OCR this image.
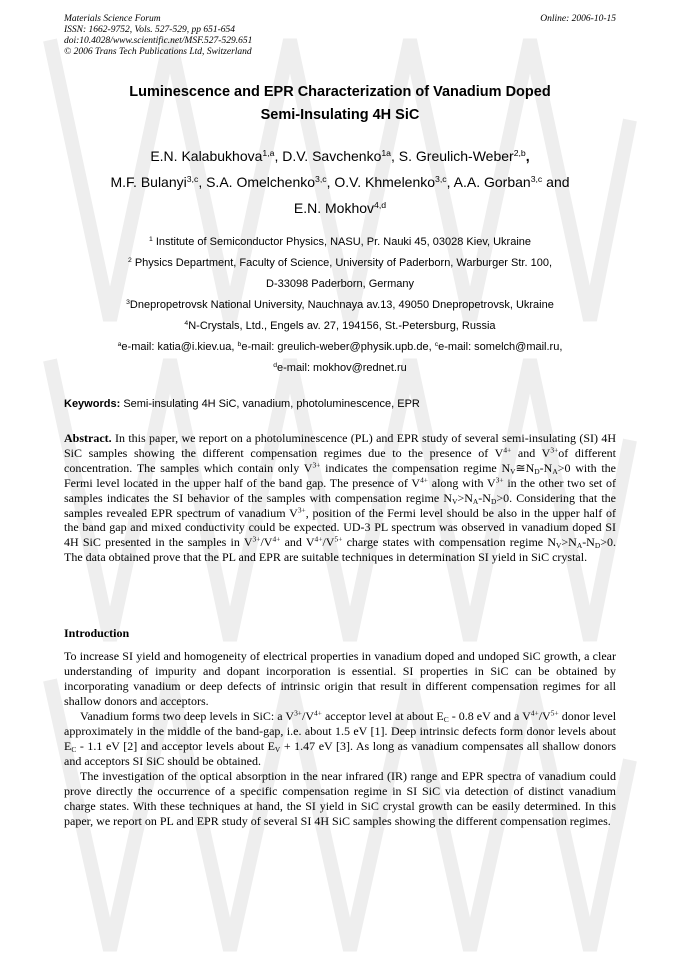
Materials Science Forum
ISSN: 1662-9752, Vols. 527-529, pp 651-654
doi:10.4028/www.scientific.net/MSF.527-529.651
© 2006 Trans Tech Publications Ltd, Switzerland
Online: 2006-10-15
Luminescence and EPR Characterization of Vanadium Doped
Semi-Insulating 4H SiC
E.N. Kalabukhova$^{1,a}$, D.V. Savchenko$^{1a}$, S. Greulich-Weber$^{2,b}$,
M.F. Bulanyi$^{3,c}$, S.A. Omelchenko$^{3,c}$, O.V. Khmelenko$^{3,c}$, A.A. Gorban$^{3,c}$ and
E.N. Mokhov$^{4,d}$
$^1$ Institute of Semiconductor Physics, NASU, Pr. Nauki 45, 03028 Kiev, Ukraine
$^2$ Physics Department, Faculty of Science, University of Paderborn, Warburger Str. 100,
D-33098 Paderborn, Germany
$^3$Dnepropetrovsk National University, Nauchnaya av.13, 49050 Dnepropetrovsk, Ukraine
$^4$N-Crystals, Ltd., Engels av. 27, 194156, St.-Petersburg, Russia
$^a$e-mail: katia@i.kiev.ua, $^b$e-mail: greulich-weber@physik.upb.de, $^c$e-mail: somelch@mail.ru,
$^d$e-mail: mokhov@rednet.ru
Keywords: Semi-insulating 4H SiC, vanadium, photoluminescence, EPR
Abstract. In this paper, we report on a photoluminescence (PL) and EPR study of several semi-insulating (SI) 4H SiC samples showing the different compensation regimes due to the presence of $V^{4+}$ and $V^{3+}of$ different concentration. The samples which contain only $V^{3+}$ indicates the compensation regime $N_V≅N_D-N_A>0$ with the Fermi level located in the upper half of the band gap. The presence of $V^{4+}$ along with $V^{3+}$ in the other two set of samples indicates the SI behavior of the samples with compensation regime $N_V>N_A-N_D>0$. Considering that the samples revealed EPR spectrum of vanadium $V^{3+}$, position of the Fermi level should be also in the upper half of the band gap and mixed conductivity could be expected. UD-3 PL spectrum was observed in vanadium doped SI 4H SiC presented in the samples in $V^{3+}/V^{4+}$ and $V^{4+}/V^{5+}$ charge states with compensation regime $N_V>N_A-N_D>0$. The data obtained prove that the PL and EPR are suitable techniques in determination SI yield in SiC crystal.
Introduction

To increase SI yield and homogeneity of electrical properties in vanadium doped and undoped SiC growth, a clear understanding of impurity and dopant incorporation is essential. SI properties in SiC can be obtained by incorporating vanadium or deep defects of intrinsic origin that result in different compensation regimes for all shallow donors and acceptors.

Vanadium forms two deep levels in SiC: a $V^{3+}/V^{4+}$ acceptor level at about $E_C - 0.8$ eV and a $V^{4+}/V^{5+}$ donor level approximately in the middle of the band-gap, i.e. about 1.5 eV [1]. Deep intrinsic defects form donor levels about $E_C - 1.1$ eV [2] and acceptor levels about $E_V + 1.47$ eV [3]. As long as vanadium compensates all shallow donors and acceptors SI SiC should be obtained.

The investigation of the optical absorption in the near infrared (IR) range and EPR spectra of vanadium could prove directly the occurrence of a specific compensation regime in SI SiC via detection of distinct vanadium charge states. With these techniques at hand, the SI yield in SiC crystal growth can be easily determined. In this paper, we report on PL and EPR study of several SI 4H SiC samples showing the different compensation regimes.
